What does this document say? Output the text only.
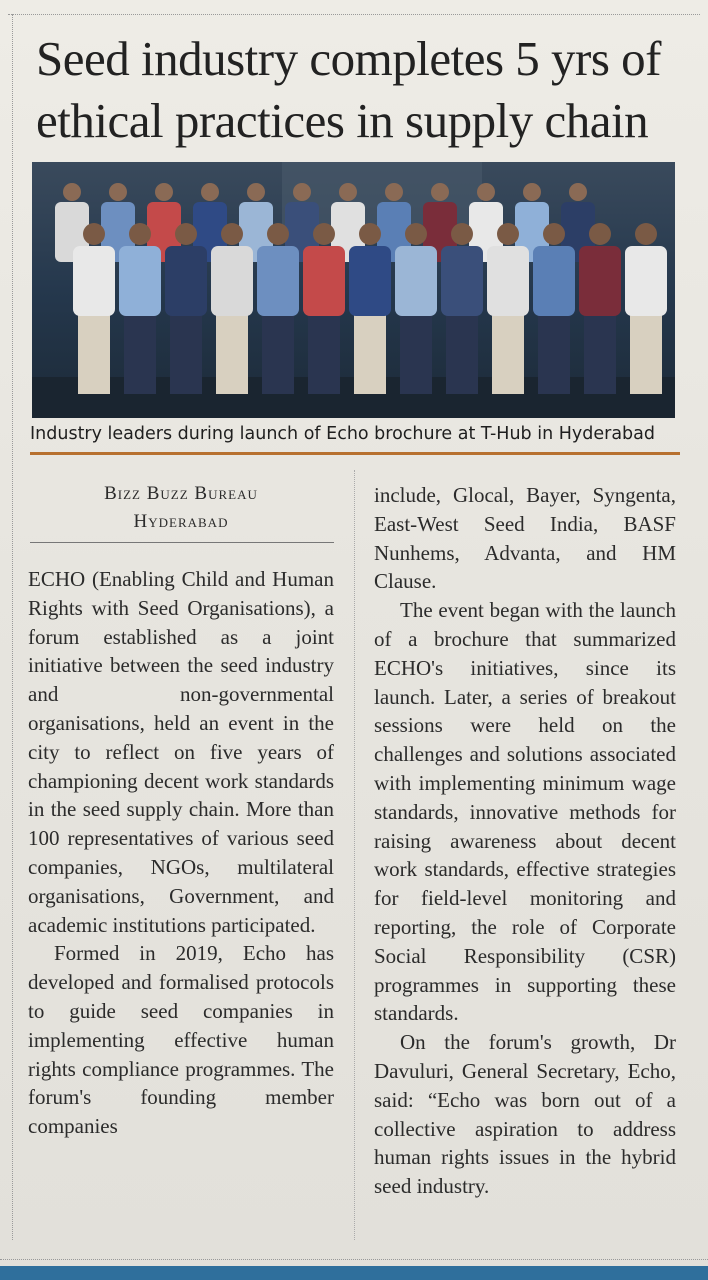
Seed industry completes 5 yrs of
ethical practices in supply chain
Industry leaders during launch of Echo brochure at T-Hub in Hyderabad
Bizz Buzz Bureau
Hyderabad

ECHO (Enabling Child and Human Rights with Seed Organisations), a forum established as a joint initiative between the seed industry and non-governmental organisations, held an event in the city to reflect on five years of championing decent work standards in the seed supply chain. More than 100 representatives of various seed companies, NGOs, multilateral organisations, Government, and academic institutions participated.

Formed in 2019, Echo has developed and formalised protocols to guide seed companies in implementing effective human rights compliance programmes. The forum's founding member companies

include, Glocal, Bayer, Syngenta, East-West Seed India, BASF Nunhems, Advanta, and HM Clause.

The event began with the launch of a brochure that summarized ECHO's initiatives, since its launch. Later, a series of breakout sessions were held on the challenges and solutions associated with implementing minimum wage standards, innovative methods for raising awareness about decent work standards, effective strategies for field-level monitoring and reporting, the role of Corporate Social Responsibility (CSR) programmes in supporting these standards.

On the forum's growth, Dr Davuluri, General Secretary, Echo, said: “Echo was born out of a collective aspiration to address human rights issues in the hybrid seed industry.
